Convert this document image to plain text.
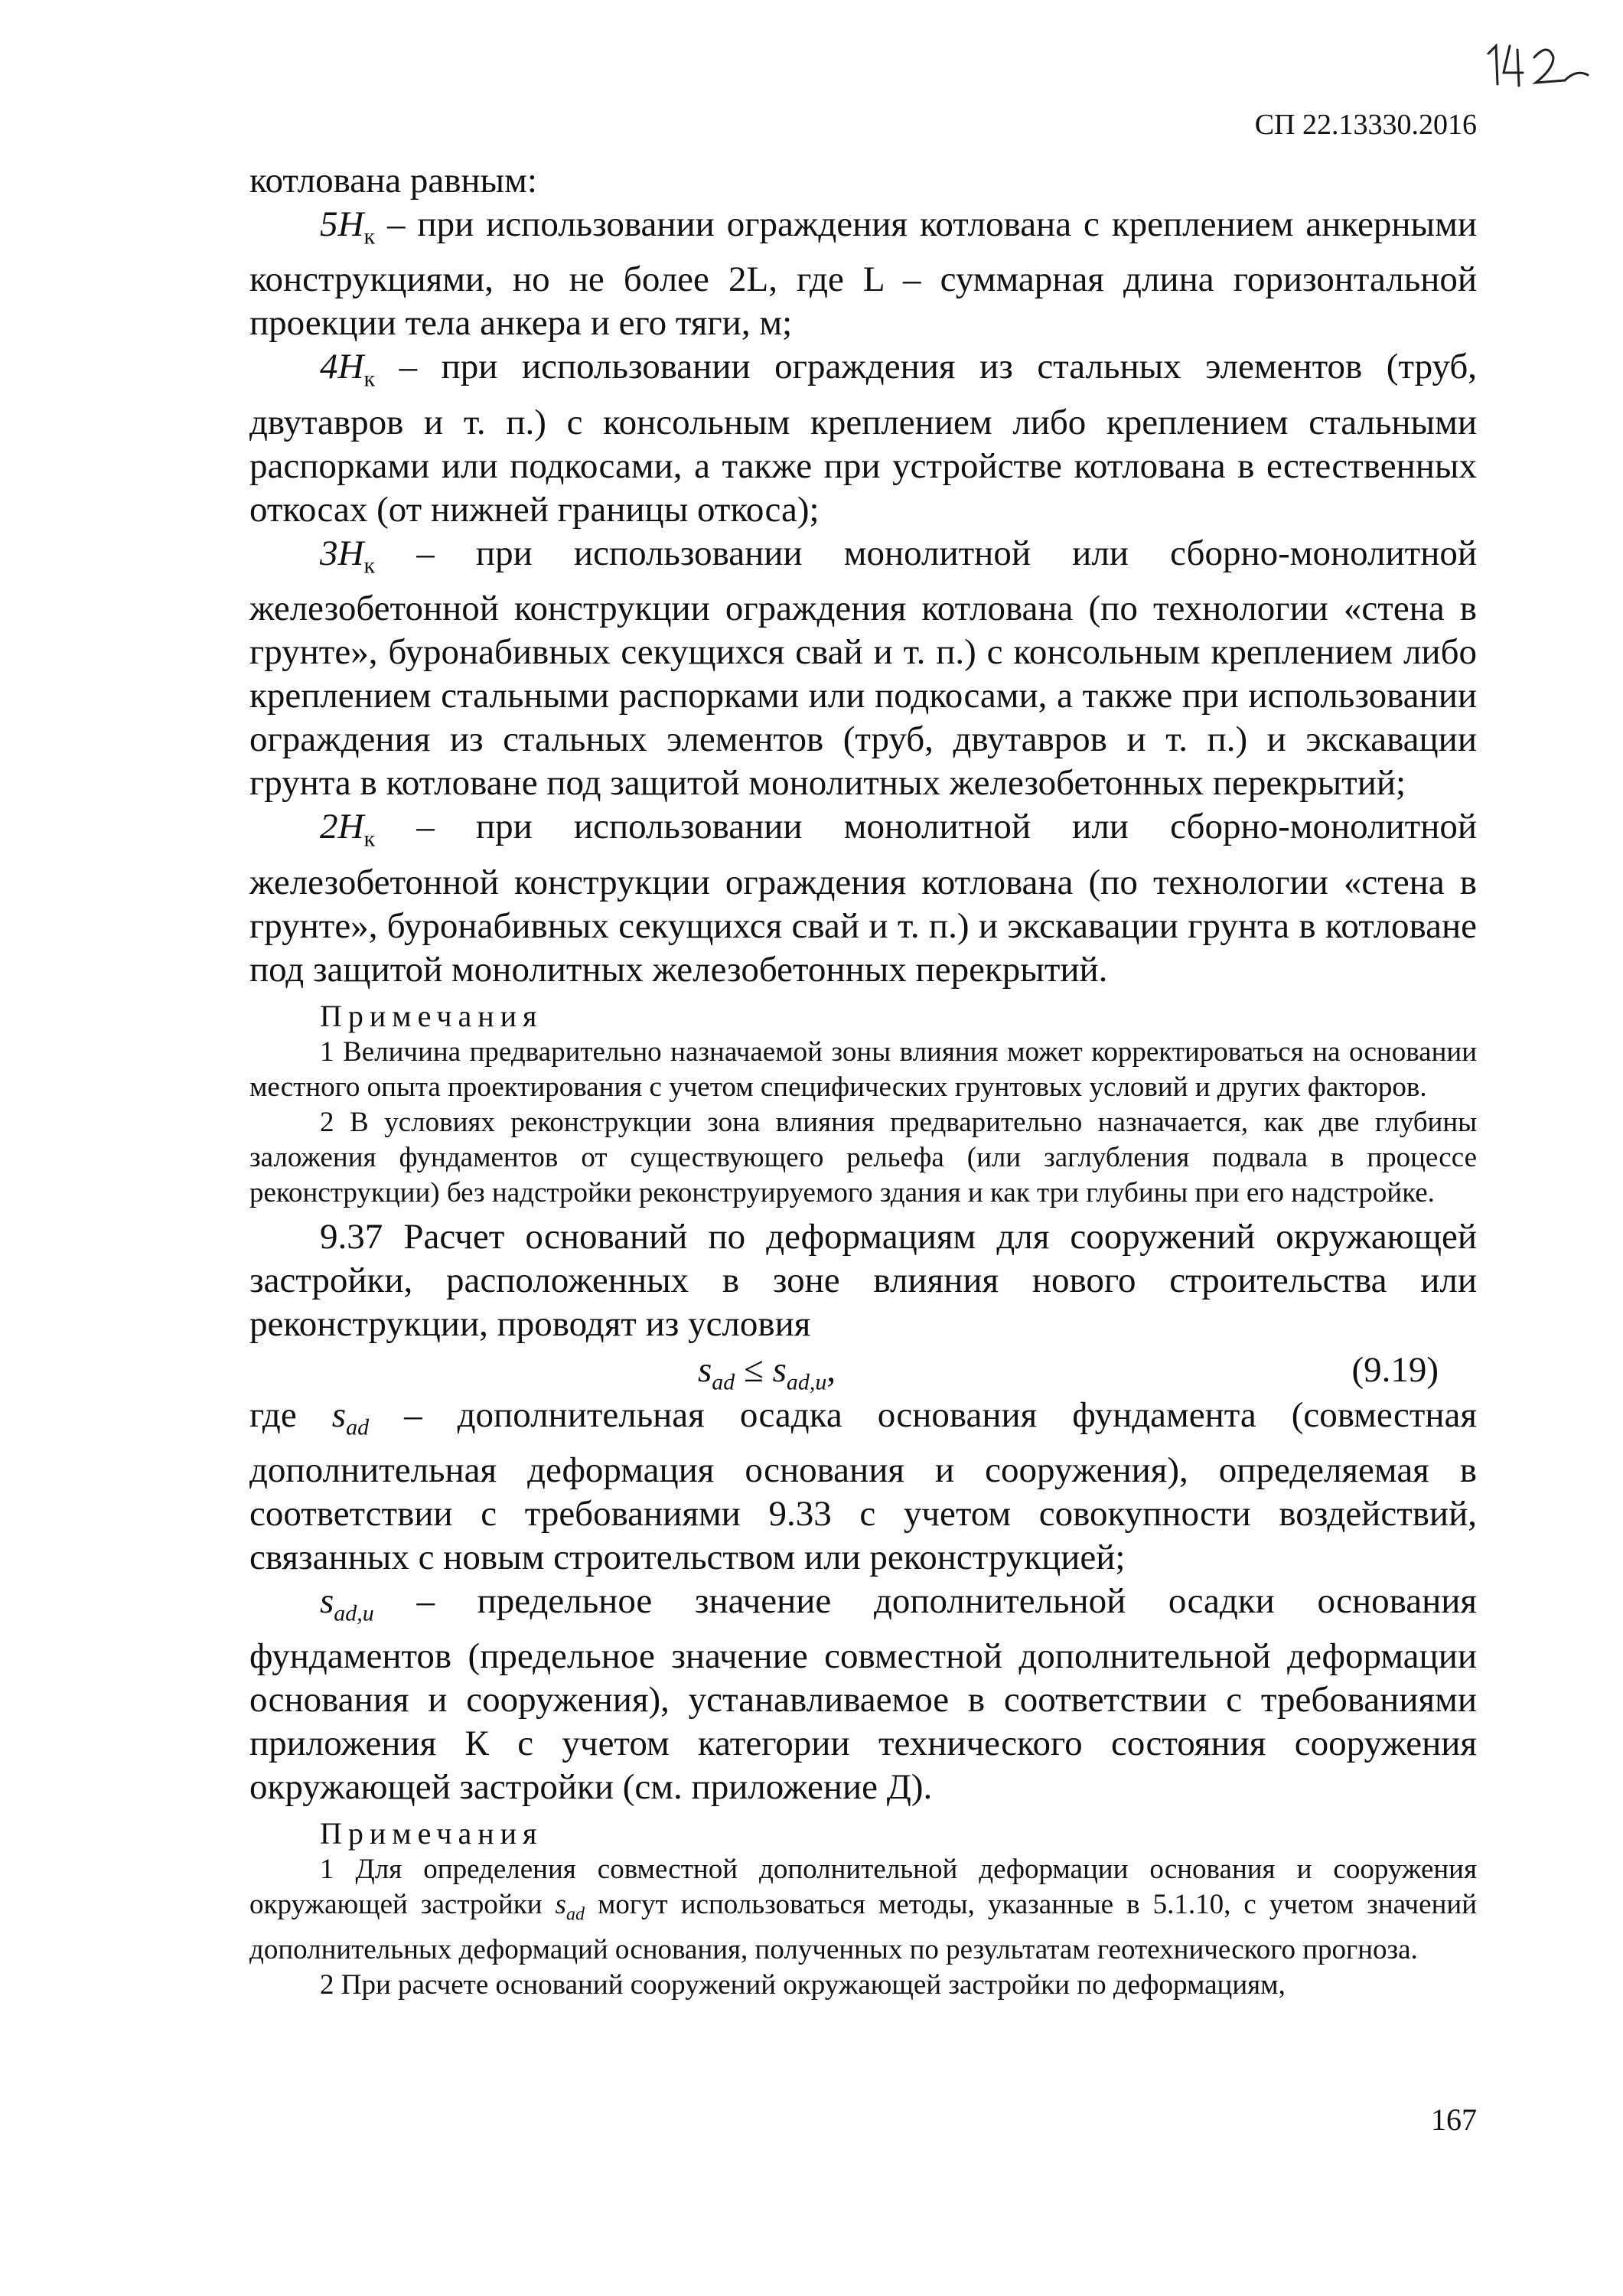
СП 22.13330.2016

котлована равным:

$5H_к$ – при использовании ограждения котлована с креплением анкерными конструкциями, но не более 2L, где L – суммарная длина горизонтальной проекции тела анкера и его тяги, м;

$4H_к$ – при использовании ограждения из стальных элементов (труб, двутавров и т. п.) с консольным креплением либо креплением стальными распорками или подкосами, а также при устройстве котлована в естественных откосах (от нижней границы откоса);

$3H_к$ – при использовании монолитной или сборно-монолитной железобетонной конструкции ограждения котлована (по технологии «стена в грунте», буронабивных секущихся свай и т. п.) с консольным креплением либо креплением стальными распорками или подкосами, а также при использовании ограждения из стальных элементов (труб, двутавров и т. п.) и экскавации грунта в котловане под защитой монолитных железобетонных перекрытий;

$2H_к$ – при использовании монолитной или сборно-монолитной железобетонной конструкции ограждения котлована (по технологии «стена в грунте», буронабивных секущихся свай и т. п.) и экскавации грунта в котловане под защитой монолитных железобетонных перекрытий.

Примечания

1 Величина предварительно назначаемой зоны влияния может корректироваться на основании местного опыта проектирования с учетом специфических грунтовых условий и других факторов.

2 В условиях реконструкции зона влияния предварительно назначается, как две глубины заложения фундаментов от существующего рельефа (или заглубления подвала в процессе реконструкции) без надстройки реконструируемого здания и как три глубины при его надстройке.

9.37 Расчет оснований по деформациям для сооружений окружающей застройки, расположенных в зоне влияния нового строительства или реконструкции, проводят из условия

$s_{ad} \le s_{ad,u}$,	(9.19)

где $s_{ad}$ – дополнительная осадка основания фундамента (совместная дополнительная деформация основания и сооружения), определяемая в соответствии с требованиями 9.33 с учетом совокупности воздействий, связанных с новым строительством или реконструкцией;

$s_{ad,u}$ – предельное значение дополнительной осадки основания фундаментов (предельное значение совместной дополнительной деформации основания и сооружения), устанавливаемое в соответствии с требованиями приложения К с учетом категории технического состояния сооружения окружающей застройки (см. приложение Д).

Примечания

1 Для определения совместной дополнительной деформации основания и сооружения окружающей застройки $s_{ad}$ могут использоваться методы, указанные в 5.1.10, с учетом значений дополнительных деформаций основания, полученных по результатам геотехнического прогноза.

2 При расчете оснований сооружений окружающей застройки по деформациям,

167
